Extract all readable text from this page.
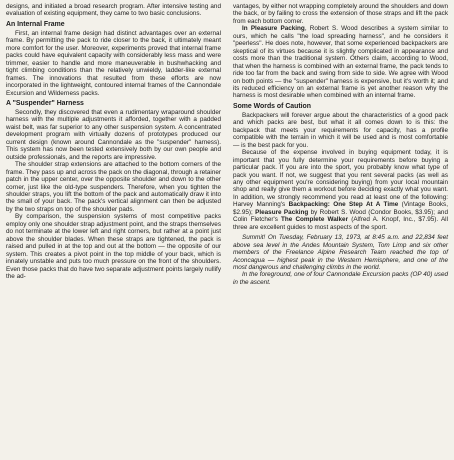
designs, and initiated a broad research program. After intensive testing and evaluation of existing equipment, they came to two basic conclusions.

An Internal Frame

First, an internal frame design had distinct advantages over an external frame. By permitting the pack to ride closer to the back, it ultimately meant more comfort for the user. Moreover, experiments proved that internal frame packs could have equivalent capacity with considerably less mass and were trimmer, easier to handle and more maneuverable in bushwhacking and tight climbing conditions than the relatively unwieldy, ladder-like external frames. The innovations that resulted from these efforts are now incorporated in the lightweight, contoured internal frames of the Cannondale Excursion and Wilderness packs.

A "Suspender" Harness

Secondly, they discovered that even a rudimentary wraparound shoulder harness with the multiple adjustments it afforded, together with a padded waist belt, was far superior to any other suspension system. A concentrated development program with virtually dozens of prototypes produced our current design (known around Cannondale as the "suspender" harness). This system has now been tested extensively both by our own people and outside professionals, and the reports are impressive.

The shoulder strap extensions are attached to the bottom corners of the frame. They pass up and across the pack on the diagonal, through a retainer patch in the upper center, over the opposite shoulder and down to the other corner, just like the old-type suspenders. Therefore, when you tighten the shoulder straps, you lift the bottom of the pack and automatically draw it into the small of your back. The pack's vertical alignment can then be adjusted by the two straps on top of the shoulder pads.

By comparison, the suspension systems of most competitive packs employ only one shoulder strap adjustment point, and the straps themselves do not terminate at the lower left and right corners, but rather at a point just above the shoulder blades. When these straps are tightened, the pack is raised and pulled in at the top and out at the bottom — the opposite of our system. This creates a pivot point in the top middle of your back, which is innately unstable and puts too much pressure on the front of the shoulders. Even those packs that do have two separate adjustment points largely nullify the ad-

vantages, by either not wrapping completely around the shoulders and down the back, or by failing to cross the extension of those straps and lift the pack from each bottom corner.

In Pleasure Packing, Robert S. Wood describes a system similar to ours, which he calls "the load spreading harness", and he considers it "peerless". He does note, however, that some experienced backpackers are skeptical of its virtues because it is slightly complicated in appearance and costs more than the traditional system. Others claim, according to Wood, that when the harness is combined with an external frame, the pack tends to ride too far from the back and swing from side to side. We agree with Wood on both points — the "suspender" harness is expensive, but it's worth it; and its reduced efficiency on an external frame is yet another reason why the harness is most desirable when combined with an internal frame.

Some Words of Caution

Backpackers will forever argue about the characteristics of a good pack and which packs are best, but what it all comes down to is this: the backpack that meets your requirements for capacity, has a profile compatible with the terrain in which it will be used and is most comfortable — is the best pack for you.

Because of the expense involved in buying equipment today, it is important that you fully determine your requirements before buying a particular pack. If you are into the sport, you probably know what type of pack you want. If not, we suggest that you rent several packs (as well as any other equipment you're considering buying) from your local mountain shop and really give them a workout before deciding exactly what you want. In addition, we strongly recommend you read at least one of the following: Harvey Manning's Backpacking: One Step At A Time (Vintage Books, $2.95); Pleasure Packing by Robert S. Wood (Condor Books, $3.95); and Colin Fletcher's The Complete Walker (Alfred A. Knopf, Inc., $7.95). All three are excellent guides to most aspects of the sport.

Summit! On Tuesday, February 13, 1973, at 8:45 a.m. and 22,834 feet above sea level in the Andes Mountain System, Tom Limp and six other members of the Freelance Alpine Research Team reached the top of Aconcagua — highest peak in the Western Hemisphere, and one of the most dangerous and challenging climbs in the world.

In the foreground, one of four Cannondale Excursion packs (OP 40) used in the ascent.
